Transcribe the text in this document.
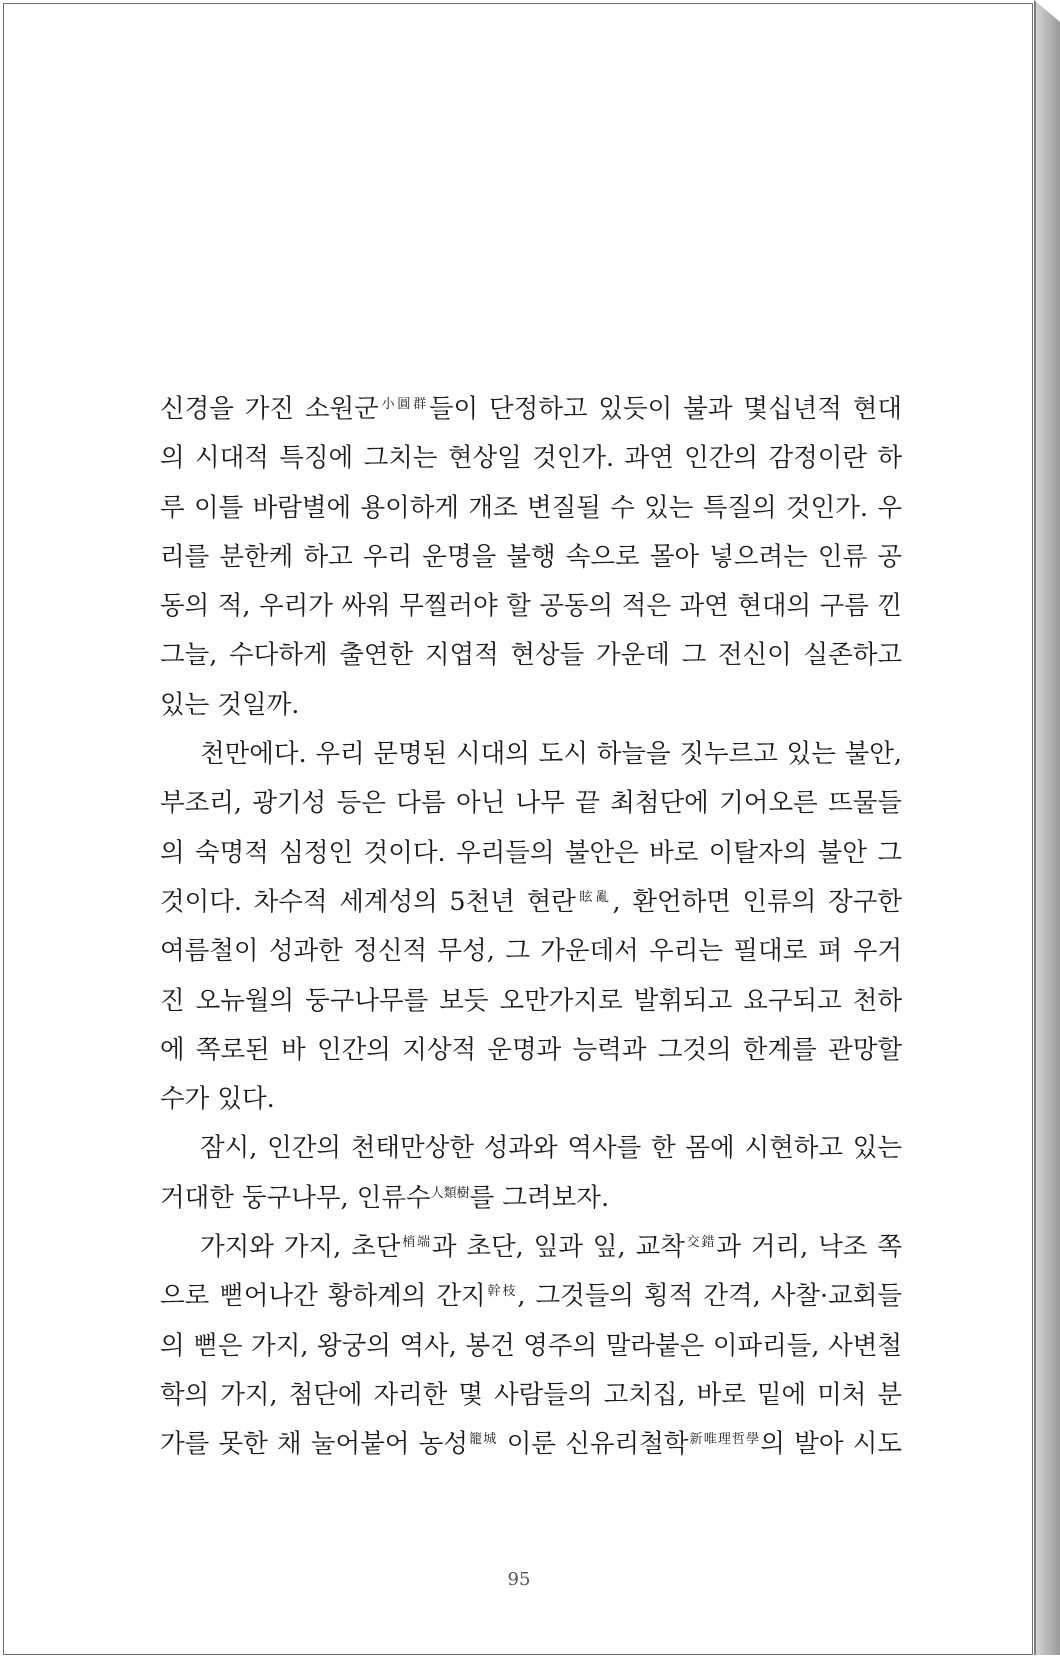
신경을 가진 소원군$^{小圓群}$들이 단정하고 있듯이 불과 몇십년적 현대
의 시대적 특징에 그치는 현상일 것인가. 과연 인간의 감정이란 하
루 이틀 바람별에 용이하게 개조 변질될 수 있는 특질의 것인가. 우
리를 분한케 하고 우리 운명을 불행 속으로 몰아 넣으려는 인류 공
동의 적, 우리가 싸워 무찔러야 할 공동의 적은 과연 현대의 구름 낀
그늘, 수다하게 출연한 지엽적 현상들 가운데 그 전신이 실존하고
있는 것일까.
천만에다. 우리 문명된 시대의 도시 하늘을 짓누르고 있는 불안,
부조리, 광기성 등은 다름 아닌 나무 끝 최첨단에 기어오른 뜨물들
의 숙명적 심정인 것이다. 우리들의 불안은 바로 이탈자의 불안 그
것이다. 차수적 세계성의 5천년 현란$^{眩亂}$, 환언하면 인류의 장구한
여름철이 성과한 정신적 무성, 그 가운데서 우리는 필대로 펴 우거
진 오뉴월의 둥구나무를 보듯 오만가지로 발휘되고 요구되고 천하
에 쪽로된 바 인간의 지상적 운명과 능력과 그것의 한계를 관망할
수가 있다.
잠시, 인간의 천태만상한 성과와 역사를 한 몸에 시현하고 있는
거대한 둥구나무, 인류수$^{人類樹}$를 그려보자.
가지와 가지, 초단$^{梢端}$과 초단, 잎과 잎, 교착$^{交錯}$과 거리, 낙조 쪽
으로 뻗어나간 황하계의 간지$^{幹枝}$, 그것들의 횡적 간격, 사찰·교회들
의 뻗은 가지, 왕궁의 역사, 봉건 영주의 말라붙은 이파리들, 사변철
학의 가지, 첨단에 자리한 몇 사람들의 고치집, 바로 밑에 미처 분
가를 못한 채 눌어붙어 농성$^{籠城}$ 이룬 신유리철학$^{新唯理哲學}$의 발아 시도
95
